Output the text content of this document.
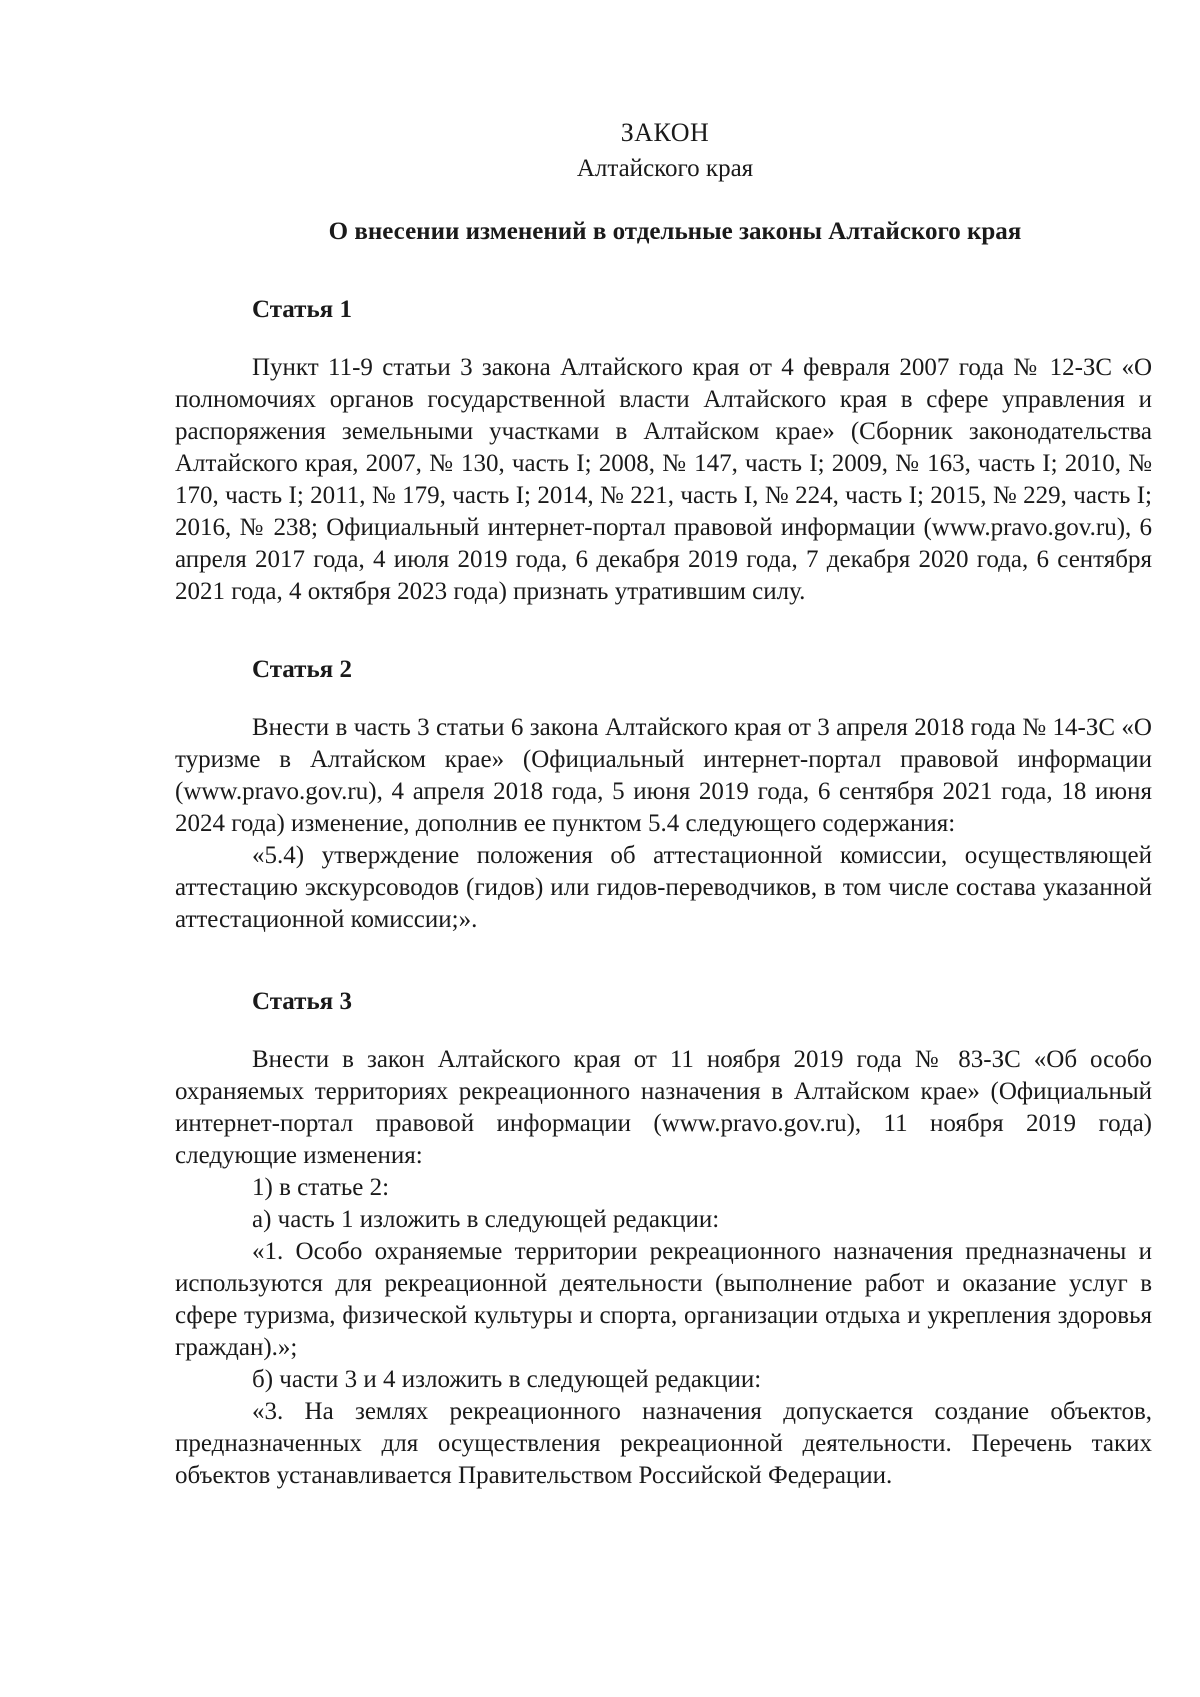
ЗАКОН
Алтайского края
О внесении изменений в отдельные законы Алтайского края
Статья 1

Пункт 11-9 статьи 3 закона Алтайского края от 4 февраля 2007 года № 12-ЗС «О полномочиях органов государственной власти Алтайского края в сфере управления и распоряжения земельными участками в Алтайском крае» (Сборник законодательства Алтайского края, 2007, № 130, часть I; 2008, № 147, часть I; 2009, № 163, часть I; 2010, № 170, часть I; 2011, № 179, часть I; 2014, № 221, часть I, № 224, часть I; 2015, № 229, часть I; 2016, № 238; Официальный интернет-портал правовой информации (www.pravo.gov.ru), 6 апреля 2017 года, 4 июля 2019 года, 6 декабря 2019 года, 7 декабря 2020 года, 6 сентября 2021 года, 4 октября 2023 года) признать утратившим силу.

Статья 2

Внести в часть 3 статьи 6 закона Алтайского края от 3 апреля 2018 года № 14-ЗС «О туризме в Алтайском крае» (Официальный интернет-портал правовой информации (www.pravo.gov.ru), 4 апреля 2018 года, 5 июня 2019 года, 6 сентября 2021 года, 18 июня 2024 года) изменение, дополнив ее пунктом 5.4 следующего содержания:

«5.4) утверждение положения об аттестационной комиссии, осуществляющей аттестацию экскурсоводов (гидов) или гидов-переводчиков, в том числе состава указанной аттестационной комиссии;».

Статья 3

Внести в закон Алтайского края от 11 ноября 2019 года № 83-ЗС «Об особо охраняемых территориях рекреационного назначения в Алтайском крае» (Официальный интернет-портал правовой информации (www.pravo.gov.ru), 11 ноября 2019 года) следующие изменения:

1) в статье 2:

а) часть 1 изложить в следующей редакции:

«1. Особо охраняемые территории рекреационного назначения предназначены и используются для рекреационной деятельности (выполнение работ и оказание услуг в сфере туризма, физической культуры и спорта, организации отдыха и укрепления здоровья граждан).»;

б) части 3 и 4 изложить в следующей редакции:

«3. На землях рекреационного назначения допускается создание объектов, предназначенных для осуществления рекреационной деятельности. Перечень таких объектов устанавливается Правительством Российской Федерации.
